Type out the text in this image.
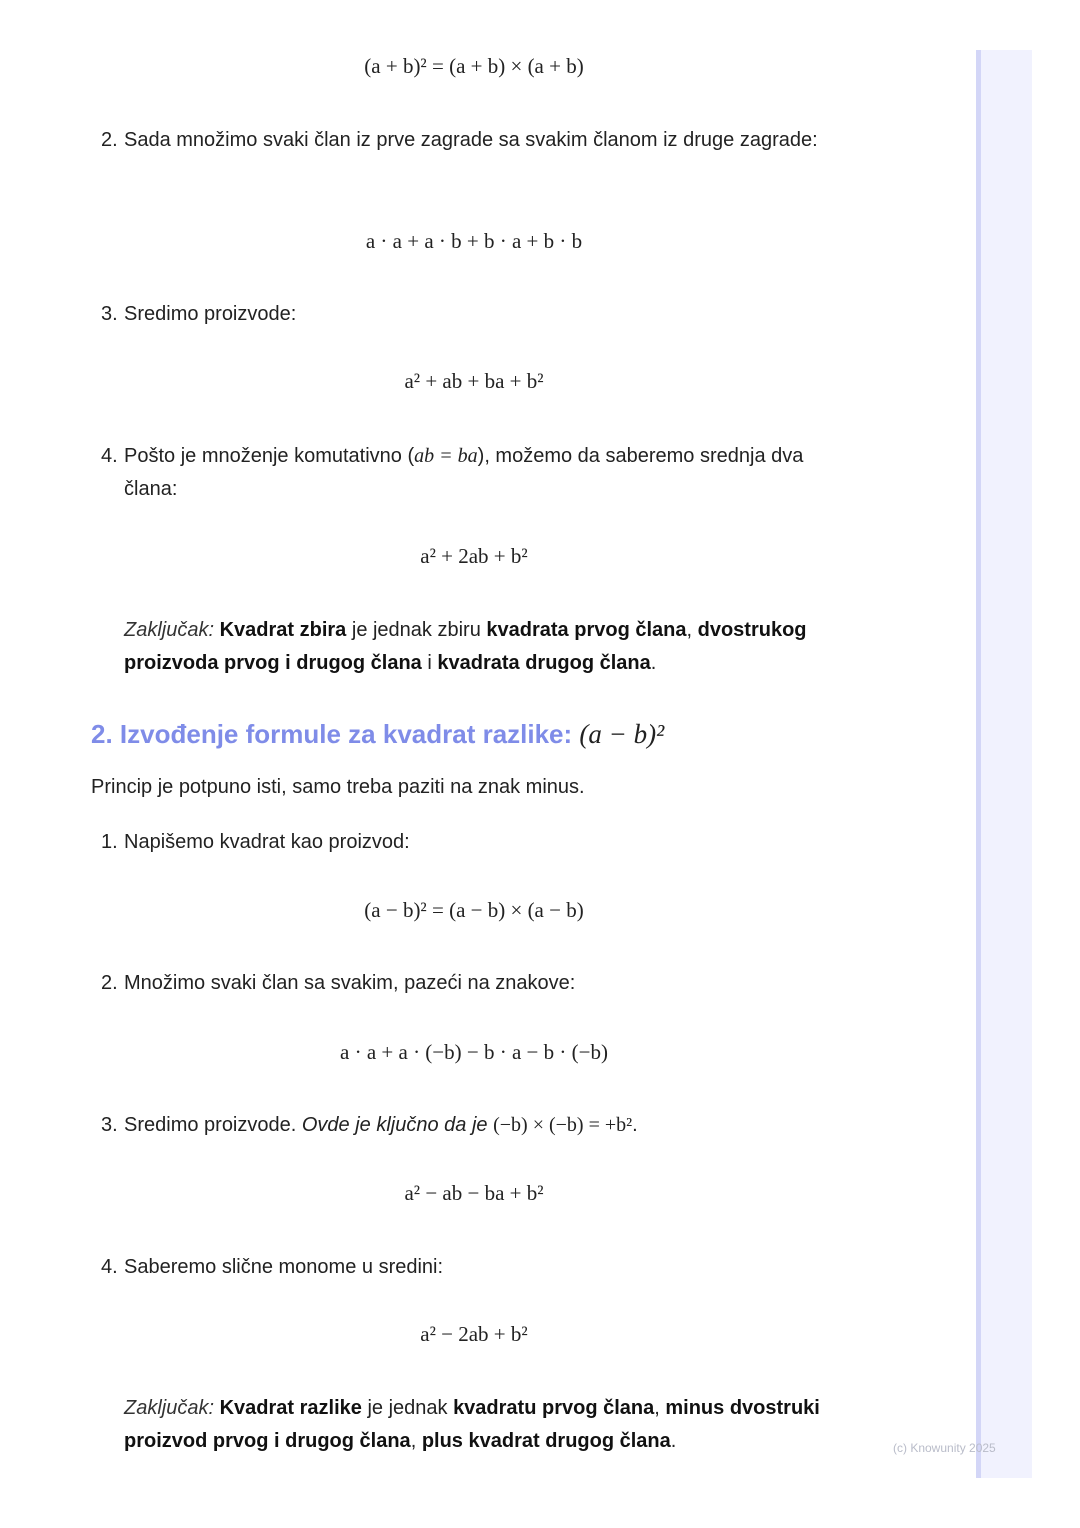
(a + b)² = (a + b) × (a + b)
2. Sada množimo svaki član iz prve zagrade sa svakim članom iz druge zagrade:
a · a + a · b + b · a + b · b
3. Sredimo proizvode:
a² + ab + ba + b²
4. Pošto je množenje komutativno (ab = ba), možemo da saberemo srednja dva člana:
a² + 2ab + b²
Zaključak: Kvadrat zbira je jednak zbiru kvadrata prvog člana, dvostrukog proizvoda prvog i drugog člana i kvadrata drugog člana.
2. Izvođenje formule za kvadrat razlike: (a − b)²
Princip je potpuno isti, samo treba paziti na znak minus.
1. Napišemo kvadrat kao proizvod:
(a − b)² = (a − b) × (a − b)
2. Množimo svaki član sa svakim, pazeći na znakove:
a · a + a · (−b) − b · a − b · (−b)
3. Sredimo proizvode. Ovde je ključno da je (−b) × (−b) = +b².
a² − ab − ba + b²
4. Saberemo slične monome u sredini:
a² − 2ab + b²
Zaključak: Kvadrat razlike je jednak kvadratu prvog člana, minus dvostruki proizvod prvog i drugog člana, plus kvadrat drugog člana.	(c) Knowunity 2025
